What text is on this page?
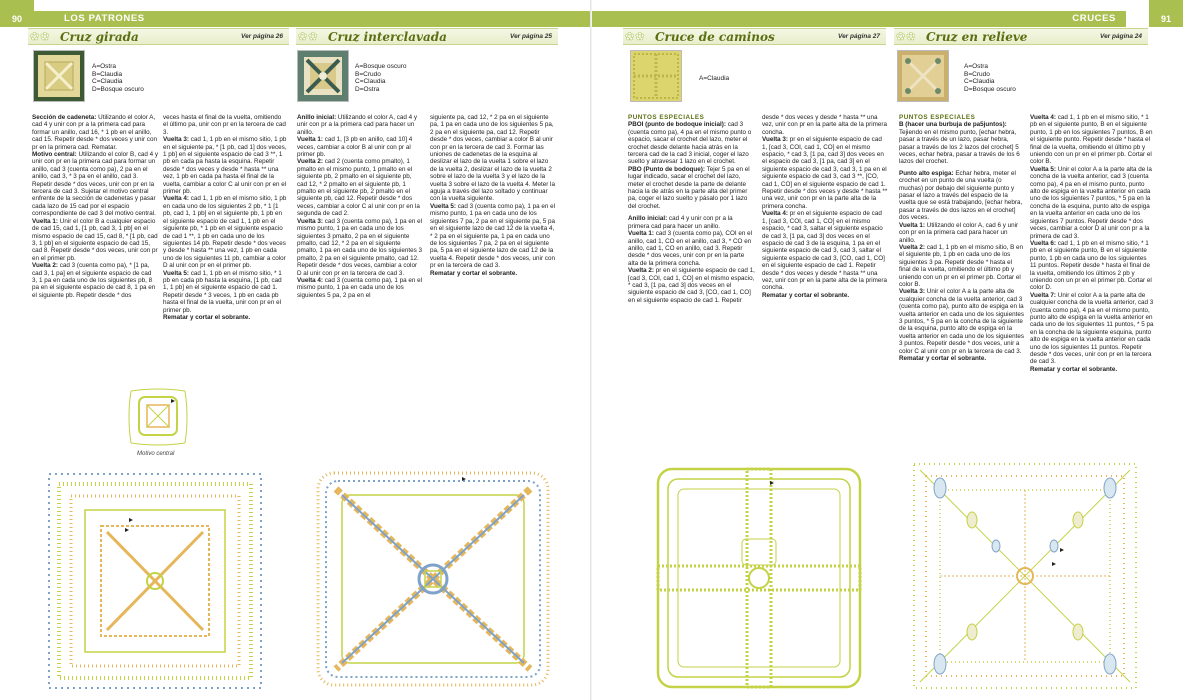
90	LOS PATRONES
✿✿ Cruz girada	Ver página 26
A=Ostra
B=Claudia
C=Claudia
D=Bosque oscuro

Sección de cadeneta: Utilizando el color A, cad 4 y unir con pr a la primera cad para formar un anillo, cad 16, * 1 pb en el anillo, cad 15. Repetir desde * dos veces y unir con pr en la primera cad. Rematar.

Motivo central: Utilizando el color B, cad 4 y unir con pr en la primera cad para formar un anillo, cad 3 (cuenta como pa), 2 pa en el anillo, cad 3, * 3 pa en el anillo, cad 3. Repetir desde * dos veces, unir con pr en la tercera de cad 3. Sujetar el motivo central enfrente de la sección de cadenetas y pasar cada lazo de 15 cad por el espacio correspondiente de cad 3 del motivo central.

Vuelta 1: Unir el color B a cualquier espacio de cad 15, cad 1, [1 pb, cad 3, 1 pb] en el mismo espacio de cad 15, cad 8, * [1 pb, cad 3, 1 pb] en el siguiente espacio de cad 15, cad 8. Repetir desde * dos veces, unir con pr en el primer pb.

Vuelta 2: cad 3 (cuenta como pa), * [1 pa, cad 3, 1 pa] en el siguiente espacio de cad 3, 1 pa en cada uno de los siguientes pb, 8 pa en el siguiente espacio de cad 8, 1 pa en el siguiente pb. Repetir desde * dos

veces hasta el final de la vuelta, omitiendo el último pa, unir con pr en la tercera de cad 3.

Vuelta 3: cad 1, 1 pb en el mismo sitio, 1 pb en el siguiente pa, * [1 pb, cad 1] dos veces, 1 pb] en el siguiente espacio de cad 3 **, 1 pb en cada pa hasta la esquina. Repetir desde * dos veces y desde * hasta ** una vez, 1 pb en cada pa hasta el final de la vuelta, cambiar a color C al unir con pr en el primer pb.

Vuelta 4: cad 1, 1 pb en el mismo sitio, 1 pb en cada uno de los siguientes 2 pb, * 1 [1 pb, cad 1, 1 pb] en el siguiente pb, 1 pb en el siguiente espacio de cad 1, 1 pb en el siguiente pb, * 1 pb en el siguiente espacio de cad 1 **, 1 pb en cada uno de los siguientes 14 pb. Repetir desde * dos veces y desde * hasta ** una vez, 1 pb en cada uno de los siguientes 11 pb, cambiar a color D al unir con pr en el primer pb.

Vuelta 5: cad 1, 1 pb en el mismo sitio, * 1 pb en cada pb hasta la esquina, [1 pb, cad 1, 1 pb] en el siguiente espacio de cad 1. Repetir desde * 3 veces, 1 pb en cada pb hasta el final de la vuelta, unir con pr en el primer pb.

Rematar y cortar el sobrante.

Motivo central
✿✿ Cruz interclavada	Ver página 25
A=Bosque oscuro
B=Crudo
C=Claudia
D=Ostra

Anillo inicial: Utilizando el color A, cad 4 y unir con pr a la primera cad para hacer un anillo.

Vuelta 1: cad 1, [3 pb en anillo, cad 10] 4 veces, cambiar a color B al unir con pr al primer pb.

Vuelta 2: cad 2 (cuenta como pmalto), 1 pmalto en el mismo punto, 1 pmalto en el siguiente pb, 2 pmalto en el siguiente pb, cad 12, * 2 pmalto en el siguiente pb, 1 pmalto en el siguiente pb, 2 pmalto en el siguiente pb, cad 12. Repetir desde * dos veces, cambiar a color C al unir con pr en la segunda de cad 2.

Vuelta 3: cad 3 (cuenta como pa), 1 pa en el mismo punto, 1 pa en cada uno de los siguientes 3 pmalto, 2 pa en el siguiente pmalto, cad 12, * 2 pa en el siguiente pmalto, 1 pa en cada uno de los siguientes 3 pmalto, 2 pa en el siguiente pmalto, cad 12. Repetir desde * dos veces, cambiar a color D al unir con pr en la tercera de cad 3.

Vuelta 4: cad 3 (cuenta como pa), 1 pa en el mismo punto, 1 pa en cada uno de los siguientes 5 pa, 2 pa en el

siguiente pa, cad 12, * 2 pa en el siguiente pa, 1 pa en cada uno de los siguientes 5 pa, 2 pa en el siguiente pa, cad 12. Repetir desde * dos veces, cambiar a color B al unir con pr en la tercera de cad 3. Formar las uniones de cadenetas de la esquina al deslizar el lazo de la vuelta 1 sobre el lazo de la vuelta 2, deslizar el lazo de la vuelta 2 sobre el lazo de la vuelta 3 y el lazo de la vuelta 3 sobre el lazo de la vuelta 4. Meter la aguja a través del lazo soltado y continuar con la vuelta siguiente.

Vuelta 5: cad 3 (cuenta como pa), 1 pa en el mismo punto, 1 pa en cada uno de los siguientes 7 pa, 2 pa en el siguiente pa, 5 pa en el siguiente lazo de cad 12 de la vuelta 4, * 2 pa en el siguiente pa, 1 pa en cada uno de los siguientes 7 pa, 2 pa en el siguiente pa, 5 pa en el siguiente lazo de cad 12 de la vuelta 4. Repetir desde * dos veces, unir con pr en la tercera de cad 3.

Rematar y cortar el sobrante.

CRUCES	91
✿✿ Cruce de caminos	Ver página 27
A=Claudia

PUNTOS ESPECIALES

PBOI (punto de bodoque inicial): cad 3 (cuenta como pa), 4 pa en el mismo punto o espacio, sacar el crochet del lazo, meter el crochet desde delante hacia atrás en la tercera cad de la cad 3 inicial, coger el lazo suelto y atravesar 1 lazo en el crochet.

PBO (Punto de bodoque): Tejer 5 pa en el lugar indicado, sacar el crochet del lazo, meter el crochet desde la parte de delante hacia la de atrás en la parte alta del primer pa, coger el lazo suelto y pásalo por 1 lazo del crochet.

Anillo inicial: cad 4 y unir con pr a la primera cad para hacer un anillo.

Vuelta 1: cad 3 (cuenta como pa), COI en el anillo, cad 1, CO en el anillo, cad 3, * CO en anillo, cad 1, CO en anillo, cad 3. Repetir desde * dos veces, unir con pr en la parte alta de la primera concha.

Vuelta 2: pr en el siguiente espacio de cad 1, [cad 3, COI, cad 1, CO] en el mismo espacio, * cad 3, [1 pa, cad 3] dos veces en el siguiente espacio de cad 3, [CO, cad 1, CO] en el siguiente espacio de cad 1. Repetir

desde * dos veces y desde * hasta ** una vez, unir con pr en la parte alta de la primera concha.

Vuelta 3: pr en el siguiente espacio de cad 1, [cad 3, COI, cad 1, CO] en el mismo espacio, * cad 3, [1 pa, cad 3] dos veces en el espacio de cad 3, [1 pa, cad 3] en el siguiente espacio de cad 3, cad 3, 1 pa en el siguiente espacio de cad 3, cad 3 **, [CO, cad 1, CO] en el siguiente espacio de cad 1. Repetir desde * dos veces y desde * hasta ** una vez, unir con pr en la parte alta de la primera concha.

Vuelta 4: pr en el siguiente espacio de cad 1, [cad 3, COI, cad 1, CO] en el mismo espacio, * cad 3, saltar el siguiente espacio de cad 3, [1 pa, cad 3] dos veces en el espacio de cad 3 de la esquina, 1 pa en el siguiente espacio de cad 3, cad 3, saltar el siguiente espacio de cad 3, [CO, cad 1, CO] en el siguiente espacio de cad 1. Repetir desde * dos veces y desde * hasta ** una vez, unir con pr en la parte alta de la primera concha.

Rematar y cortar el sobrante.

✿✿ Cruz en relieve	Ver página 24
A=Ostra
B=Crudo
C=Claudia
D=Bosque oscuro

PUNTOS ESPECIALES

B (hacer una burbuja de pa5juntos): Tejiendo en el mismo punto, [echar hebra, pasar a través de un lazo, pasar hebra, pasar a través de los 2 lazos del crochet] 5 veces, echar hebra, pasar a través de los 6 lazos del crochet.

Punto alto espiga: Echar hebra, meter el crochet en un punto de una vuelta (o muchas) por debajo del siguiente punto y pasar el lazo a través del espacio de la vuelta que se está trabajando, [echar hebra, pasar a través de dos lazos en el crochet] dos veces.

Vuelta 1: Utilizando el color A, cad 6 y unir con pr en la primera cad para hacer un anillo.

Vuelta 2: cad 1, 1 pb en el mismo sitio, B en el siguiente pb, 1 pb en cada uno de los siguientes 3 pa. Repetir desde * hasta el final de la vuelta, omitiendo el último pb y uniendo con un pr en el primer pb. Cortar el color B.

Vuelta 3: Unir el color A a la parte alta de cualquier concha de la vuelta anterior, cad 3 (cuenta como pa), punto alto de espiga en la vuelta anterior en cada uno de los siguientes 3 puntos, * 5 pa en la concha de la siguiente de la esquina, punto alto de espiga en la vuelta anterior en cada uno de los siguientes 3 puntos. Repetir desde * dos veces, unir a color C al unir con pr en la tercera de cad 3.

Rematar y cortar el sobrante.

Vuelta 4: cad 1, 1 pb en el mismo sitio, * 1 pb en el siguiente punto, B en el siguiente punto, 1 pb en los siguientes 7 puntos, B en el siguiente punto. Repetir desde * hasta el final de la vuelta, omitiendo el último pb y uniendo con un pr en el primer pb. Cortar el color B.

Vuelta 5: Unir el color A a la parte alta de la concha de la vuelta anterior, cad 3 (cuenta como pa), 4 pa en el mismo punto, punto alto de espiga en la vuelta anterior en cada uno de los siguientes 7 puntos, * 5 pa en la concha de la esquina, punto alto de espiga en la vuelta anterior en cada uno de los siguientes 7 puntos. Repetir desde * dos veces, cambiar a color D al unir con pr a la primera de cad 3.

Vuelta 6: cad 1, 1 pb en el mismo sitio, * 1 pb en el siguiente punto, B en el siguiente punto, 1 pb en cada uno de los siguientes 11 puntos. Repetir desde * hasta el final de la vuelta, omitiendo los últimos 2 pb y uniendo con un pr en el primer pb. Cortar el color D.

Vuelta 7: Unir el color A a la parte alta de cualquier concha de la vuelta anterior, cad 3 (cuenta como pa), 4 pa en el mismo punto, punto alto de espiga en la vuelta anterior en cada uno de los siguientes 11 puntos, * 5 pa en la concha de la siguiente esquina, punto alto de espiga en la vuelta anterior en cada uno de los siguientes 11 puntos. Repetir desde * dos veces, unir con pr en la tercera de cad 3.

Rematar y cortar el sobrante.
